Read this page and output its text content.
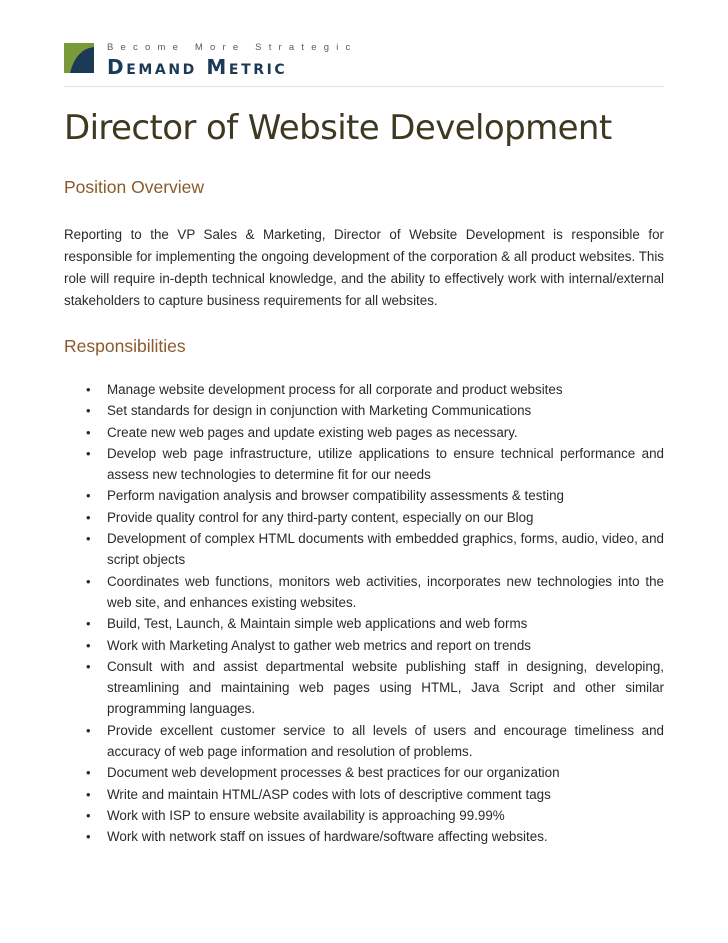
Become More Strategic
Demand Metric
Director of Website Development
Position Overview

Reporting to the VP Sales & Marketing, Director of Website Development is responsible for responsible for implementing the ongoing development of the corporation & all product websites. This role will require in-depth technical knowledge, and the ability to effectively work with internal/external stakeholders to capture business requirements for all websites.

Responsibilities
• Manage website development process for all corporate and product websites
• Set standards for design in conjunction with Marketing Communications
• Create new web pages and update existing web pages as necessary.
• Develop web page infrastructure, utilize applications to ensure technical performance and assess new technologies to determine fit for our needs
• Perform navigation analysis and browser compatibility assessments & testing
• Provide quality control for any third-party content, especially on our Blog
• Development of complex HTML documents with embedded graphics, forms, audio, video, and script objects
• Coordinates web functions, monitors web activities, incorporates new technologies into the web site, and enhances existing websites.
• Build, Test, Launch, & Maintain simple web applications and web forms
• Work with Marketing Analyst to gather web metrics and report on trends
• Consult with and assist departmental website publishing staff in designing, developing, streamlining and maintaining web pages using HTML, Java Script and other similar programming languages.
• Provide excellent customer service to all levels of users and encourage timeliness and accuracy of web page information and resolution of problems.
• Document web development processes & best practices for our organization
• Write and maintain HTML/ASP codes with lots of descriptive comment tags
• Work with ISP to ensure website availability is approaching 99.99%
• Work with network staff on issues of hardware/software affecting websites.
